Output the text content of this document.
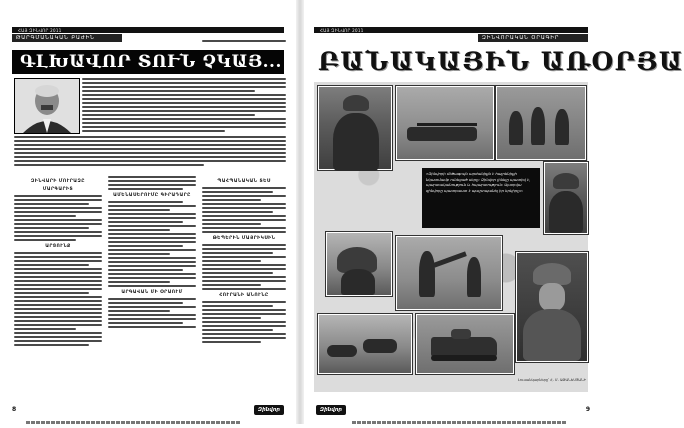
ՀԱՅ ԶԻՆՎՈՐ 2011
ԹԱՐԳՄԱՆԱԿԱՆ ԲԱԺԻՆ
ԳԼԽԱՎՈՐ ՏՈՒՆ ՉԿԱՅ...
ԶԻՆՎԱՐԻ ՄՈՒՐԱԶԸ
ՄԱՐԳԱՐԻՏ
ԱՐՑՈՒՆՔ
ԱՄԵՆԱՍԵՐՈՒՄԸ ԳԻՐԱԴԱՐԸ
ԱՐԳԱՎԱՆ ՄԻ ՕՐԱՈՒՄ
ՊԱՀՊԱՆԱԿԱՆ ՏԵՍ
ԹԵՊԵՐԻՆ ՄԱՅՐԻԿՍԻՆ
ՀՈՒՐԱՆԻ ԱՆՈՒՆԸ
8	Զինվոր
ՀԱՅ ԶԻՆՎՈՐ 2011
ԶԻՆՎՈՐԱԿԱՆ ՕՐԱԳԻՐ
ԲԱՆԱԿԱՅԻՆ ԱՌՕՐՅԱ
«Զինվորի մեծագույն արժանիքն է հայրենիքի նկատմամբ ունեցած սերը: Զինվոր լինելը պատիվ է, պարտականություն և հպարտություն: Այսօրվա զինվորը պատրաստ է պաշտպանել իր երկիրը»:
Լուսանկարները՝ Հ. Մ. ԱԹԱՆԵՍՅԱՆԻ
Զինվոր	9
